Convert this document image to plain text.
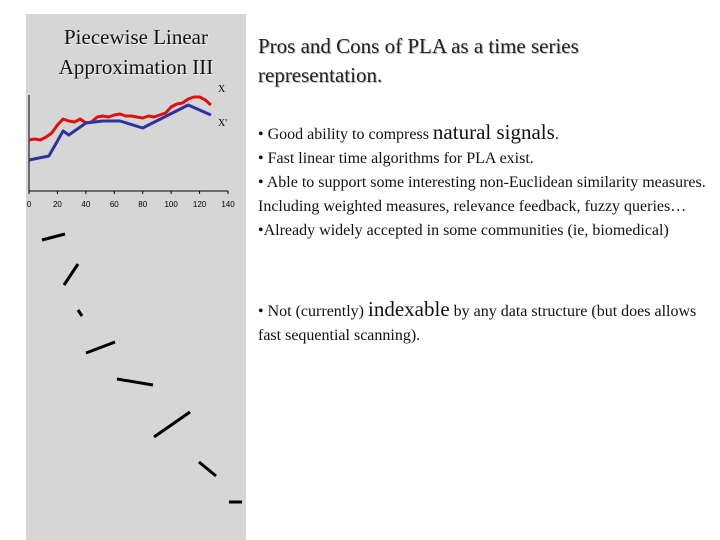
Piecewise Linear
Approximation III
0	20 40 60 80 100 120 140
X
X'
Pros and Cons of PLA as a time series
representation.

• Good ability to compress natural signals.

• Fast linear time algorithms for PLA exist.

• Able to support some interesting non-Euclidean similarity measures. Including weighted measures, relevance feedback, fuzzy queries…

•Already widely accepted in some communities (ie, biomedical)

• Not (currently) indexable by any data structure (but does allows fast sequential scanning).
